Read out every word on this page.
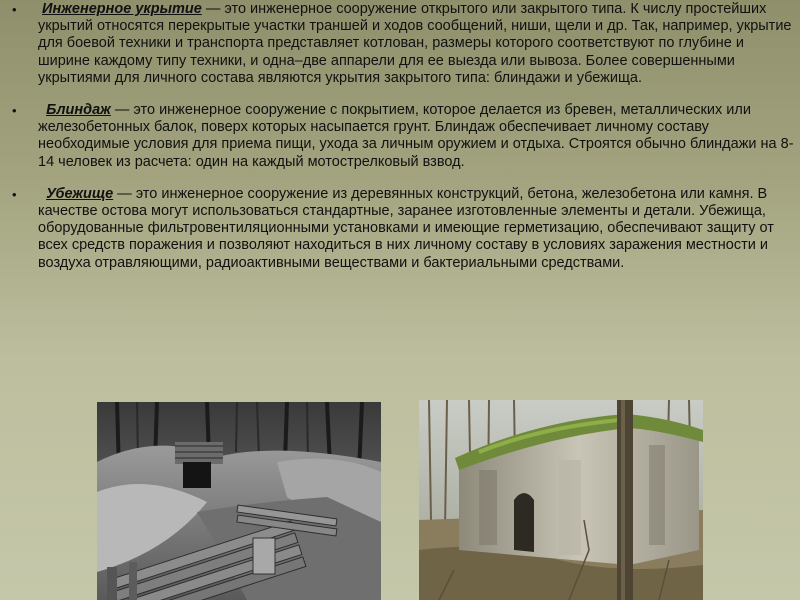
• Инженерное укрытие — это инженерное сооружение открытого или закрытого типа. К числу простейших укрытий относятся перекрытые участки траншей и ходов сообщений, ниши, щели и др. Так, например, укрытие для боевой техники и транспорта представляет котлован, размеры которого соответствуют по глубине и ширине каждому типу техники, и одна–две аппарели для ее выезда или вывоза. Более совершенными укрытиями для личного состава являются укрытия закрытого типа: блиндажи и убежища.
• Блиндаж — это инженерное сооружение с покрытием, которое делается из бревен, металлических или железобетонных балок, поверх которых насыпается грунт. Блиндаж обеспечивает личному составу необходимые условия для приема пищи, ухода за личным оружием и отдыха. Строятся обычно блиндажи на 8-14 человек из расчета: один на каждый мотострелковый взвод.
• Убежище — это инженерное сооружение из деревянных конструкций, бетона, железобетона или камня. В качестве остова могут использоваться стандартные, заранее изготовленные элементы и детали. Убежища, оборудованные фильтровентиляционными установками и имеющие герметизацию, обеспечивают защиту от всех средств поражения и позволяют находиться в них личному составу в условиях заражения местности и воздуха отравляющими, радиоактивными веществами и бактериальными средствами.
